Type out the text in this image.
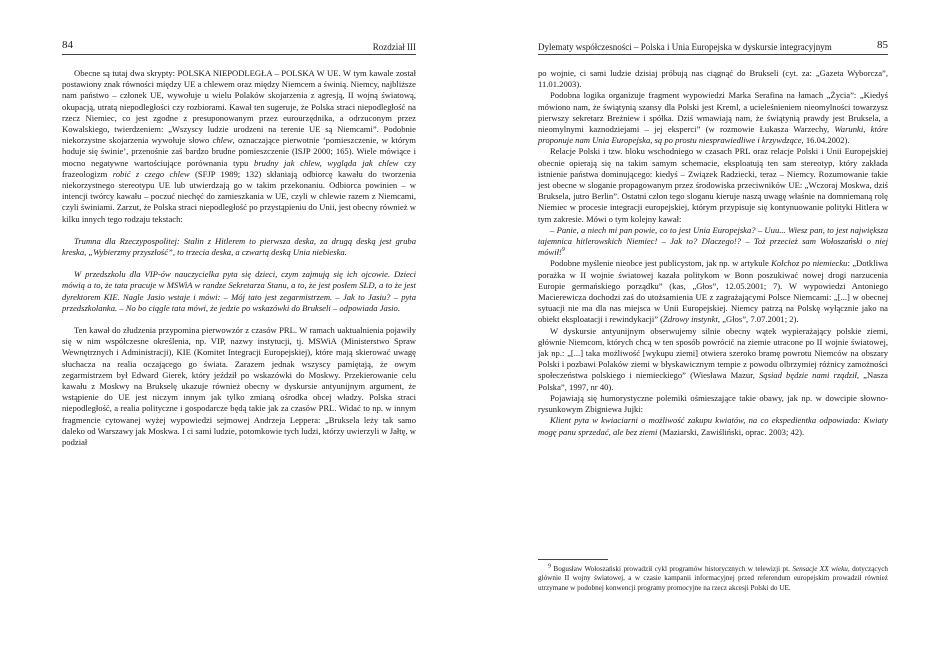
84	Rozdział III

Obecne są tutaj dwa skrypty: POLSKA NIEPODLEGŁA – POLSKA W UE. W tym kawale został postawiony znak równości między UE a chlewem oraz między Niemcem a świnią. Niemcy, najbliższe nam państwo – członek UE, wywołuje u wielu Polaków skojarzenia z agresją, II wojną światową, okupacją, utratą niepodległości czy rozbiorami. Kawał ten sugeruje, że Polska straci niepodległość na rzecz Niemiec, co jest zgodne z presuponowanym przez eurourzędnika, a odrzuconym przez Kowalskiego, twierdzeniem: „Wszyscy ludzie urodzeni na terenie UE są Niemcami”. Podobnie niekorzystne skojarzenia wywołuje słowo chlew, oznaczające pierwotnie ‘pomieszczenie, w którym hoduje się świnie’, przenośnie zaś bardzo brudne pomieszczenie (ISJP 2000; 165). Wiele mówiące i mocno negatywne wartościujące porównania typu brudny jak chlew, wygląda jak chlew czy frazeologizm robić z czego chlew (SFJP 1989; 132) skłaniają odbiorcę kawału do tworzenia niekorzystnego stereotypu UE lub utwierdzają go w takim przekonaniu. Odbiorca powinien – w intencji twórcy kawału – poczuć niechęć do zamieszkania w UE, czyli w chlewie razem z Niemcami, czyli świniami. Zarzut, że Polska straci niepodległość po przystąpieniu do Unii, jest obecny również w kilku innych tego rodzaju tekstach:

Trumna dla Rzeczypospolitej: Stalin z Hitlerem to pierwsza deska, za drugą deską jest gruba kreska, „Wybierzmy przyszłość”, to trzecia deska, a czwartą deską Unia niebieska.

W przedszkolu dla VIP-ów nauczycielka pyta się dzieci, czym zajmują się ich ojcowie. Dzieci mówią a to, że tata pracuje w MSWiA w randze Sekretarza Stanu, a to, że jest posłem SLD, a to że jest dyrektorem KIE. Nagle Jasio wstaje i mówi: – Mój tato jest zegarmistrzem. – Jak to Jasiu? – pyta przedszkolanka. – No bo ciągle tata mówi, że jedzie po wskazówki do Brukseli – odpowiada Jasio.

Ten kawał do złudzenia przypomina pierwowzór z czasów PRL. W ramach uaktualnienia pojawiły się w nim współczesne określenia, np. VIP, nazwy instytucji, tj. MSWiA (Ministerstwo Spraw Wewnętrznych i Administracji), KIE (Komitet Integracji Europejskiej), które mają skierować uwagę słuchacza na realia oczającego go świata. Zarazem jednak wszyscy pamiętają, że owym zegarmistrzem był Edward Gierek, który jeździł po wskazówki do Moskwy. Przekierowanie celu kawału z Moskwy na Brukselę ukazuje również obecny w dyskursie antyunijnym argument, że wstąpienie do UE jest niczym innym jak tylko zmianą ośrodka obcej władzy. Polska straci niepodległość, a realia polityczne i gospodarcze będą takie jak za czasów PRL. Widać to np. w innym fragmencie cytowanej wyżej wypowiedzi sejmowej Andrzeja Leppera: „Bruksela leży tak samo daleko od Warszawy jak Moskwa. I ci sami ludzie, potomkowie tych ludzi, którzy uwierzyli w Jałtę, w podział

Dylematy współczesności – Polska i Unia Europejska w dyskursie integracyjnym	85

po wojnie, ci sami ludzie dzisiaj próbują nas ciągnąć do Brukseli (cyt. za: „Gazeta Wyborcza”, 11.01.2003).

Podobna logika organizuje fragment wypowiedzi Marka Serafina na łamach „Życia”: „Kiedyś mówiono nam, że świątynią szansy dla Polski jest Kreml, a ucieleśnieniem nieomylności towarzysz pierwszy sekretarz Breżniew i spółka. Dziś wmawiają nam, że świątynią prawdy jest Bruksela, a nieomylnymi kaznodziejami – jej eksperci” (w rozmowie Łukasza Warzechy, Warunki, które proponuje nam Unia Europejska, są po prostu niesprawiedliwe i krzywdzące, 16.04.2002).

Relacje Polski i tzw. bloku wschodniego w czasach PRL oraz relacje Polski i Unii Europejskiej obecnie opierają się na takim samym schemacie, eksploatują ten sam stereotyp, który zakłada istnienie państwa dominującego: kiedyś – Związek Radziecki, teraz – Niemcy. Rozumowanie takie jest obecne w sloganie propagowanym przez środowiska przeciwników UE: „Wczoraj Moskwa, dziś Bruksela, jutro Berlin”. Ostatni człon tego sloganu kieruje naszą uwagę właśnie na domniemaną rolę Niemiec w procesie integracji europejskiej, którym przypisuje się kontynuowanie polityki Hitlera w tym zakresie. Mówi o tym kolejny kawał:

– Panie, a niech mi pan powie, co to jest Unia Europejska? – Uuu... Wiesz pan, to jest największa tajemnica hitlerowskich Niemiec! – Jak to? Dlaczego!? – Toż przecież sam Wołoszański o niej mówił!$^9$

Podobne myślenie nieobce jest publicystom, jak np. w artykule Kołchoz po niemiecku: „Dotkliwa porażka w II wojnie światowej kazała politykom w Bonn poszukiwać nowej drogi narzucenia Europie germańskiego porządku” (kas, „Głos”, 12.05.2001; 7). W wypowiedzi Antoniego Macierewicza dochodzi zaś do utożsamienia UE z zagrażającymi Polsce Niemcami: „[...] w obecnej sytuacji nie ma dla nas miejsca w Unii Europejskiej. Niemcy patrzą na Polskę wyłącznie jako na obiekt eksploatacji i rewindykacji” (Zdrowy instynkt, „Głos”, 7.07.2001; 2).

W dyskursie antyunijnym obserwujemy silnie obecny wątek wypierażający polskie ziemi, głównie Niemcom, których chcą w ten sposób powrócić na ziemie utracone po II wojnie światowej, jak np.: „[...] taka możliwość [wykupu ziemi] otwiera szeroko bramę powrotu Niemców na obszary Polski i pozbawi Polaków ziemi w błyskawicznym tempie z powodu olbrzymiej różnicy zamożności społeczeństwa polskiego i niemieckiego” (Wiesława Mazur, Sąsiad będzie nami rządził, „Nasza Polska”, 1997, nr 40).

Pojawiają się humorystyczne polemiki ośmieszające takie obawy, jak np. w dowcipie słowno-rysunkowym Zbigniewa Jujki:

Klient pyta w kwiaciarni o możliwość zakupu kwiatów, na co ekspedientka odpowiada: Kwiaty mogę panu sprzedać, ale bez ziemi (Maziarski, Zawiśliński, oprac. 2003; 42).

$^9$ Bogusław Wołoszański prowadził cykl programów historycznych w telewizji pt. Sensacje XX wieku, dotyczących głównie II wojny światowej, a w czasie kampanii informacyjnej przed referendum europejskim prowadził również utrzymane w podobnej konwencji programy promocyjne na rzecz akcesji Polski do UE.
